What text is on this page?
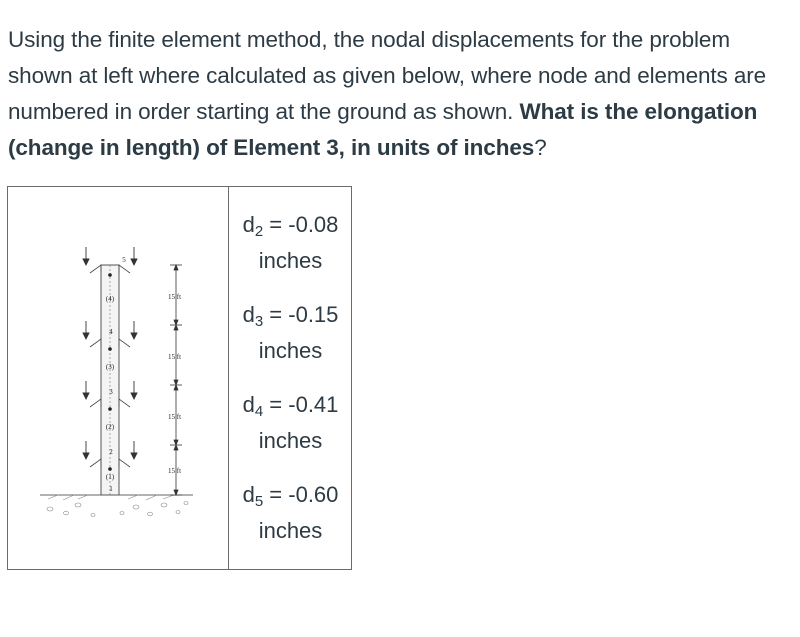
Using the finite element method, the nodal displacements for the problem shown at left where calculated as given below, where node and elements are numbered in order starting at the ground as shown. What is the elongation (change in length) of Element 3, in units of inches?
5
4
3
2
1
(4)
(3)
(2)
(1)
15 ft
15 ft
15 ft
15 ft
$d_2 = -0.08$
inches
$d_3 = -0.15$
inches
$d_4 = -0.41$
inches
$d_5 = -0.60$
inches
